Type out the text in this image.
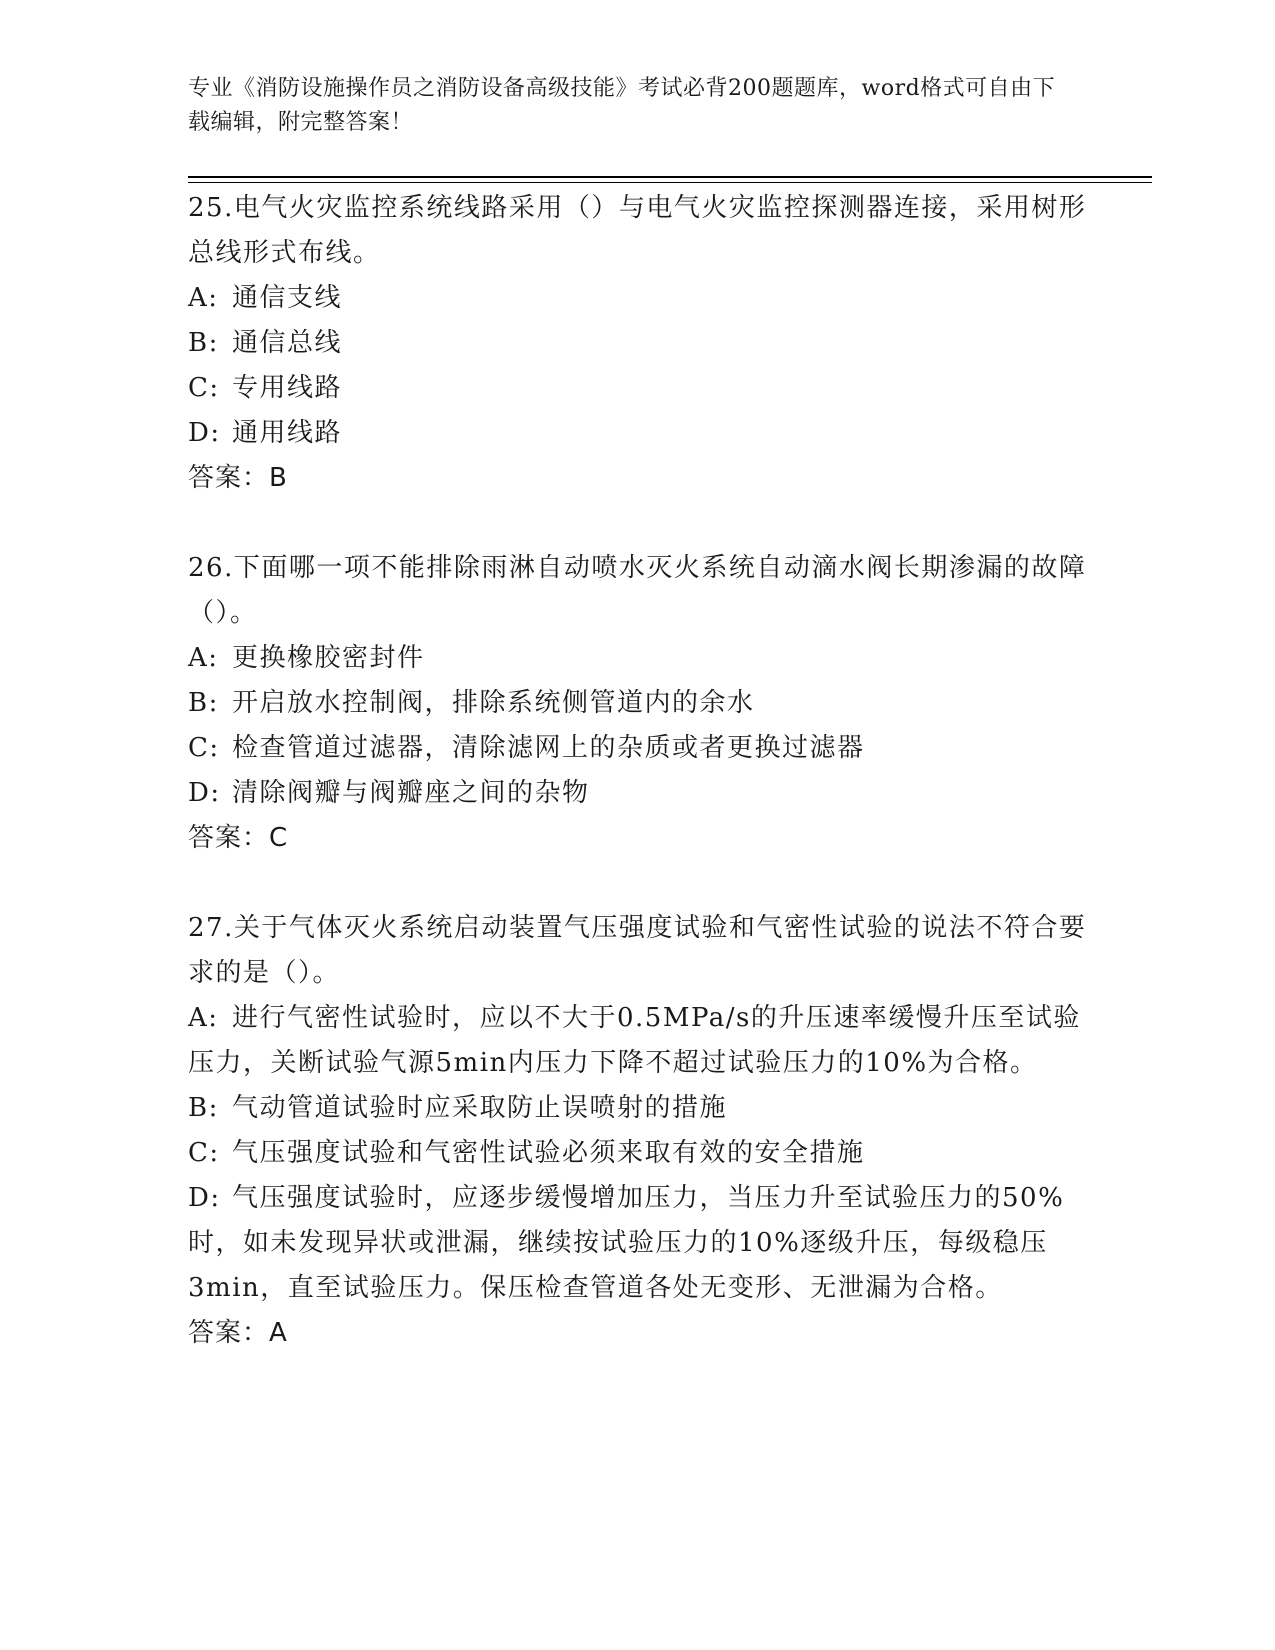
专业《消防设施操作员之消防设备高级技能》考试必背200题题库，word格式可自由下载编辑，附完整答案！
25.电气火灾监控系统线路采用（）与电气火灾监控探测器连接，采用树形总线形式布线。
A: 通信支线
B: 通信总线
C: 专用线路
D: 通用线路
答案：B
26.下面哪一项不能排除雨淋自动喷水灭火系统自动滴水阀长期渗漏的故障（）。
A: 更换橡胶密封件
B: 开启放水控制阀，排除系统侧管道内的余水
C: 检查管道过滤器，清除滤网上的杂质或者更换过滤器
D: 清除阀瓣与阀瓣座之间的杂物
答案：C
27.关于气体灭火系统启动装置气压强度试验和气密性试验的说法不符合要求的是（）。
A: 进行气密性试验时，应以不大于0.5MPa/s的升压速率缓慢升压至试验压力，关断试验气源5min内压力下降不超过试验压力的10%为合格。
B: 气动管道试验时应采取防止误喷射的措施
C: 气压强度试验和气密性试验必须来取有效的安全措施
D: 气压强度试验时，应逐步缓慢增加压力，当压力升至试验压力的50%时，如未发现异状或泄漏，继续按试验压力的10%逐级升压，每级稳压3min，直至试验压力。保压检查管道各处无变形、无泄漏为合格。
答案：A
